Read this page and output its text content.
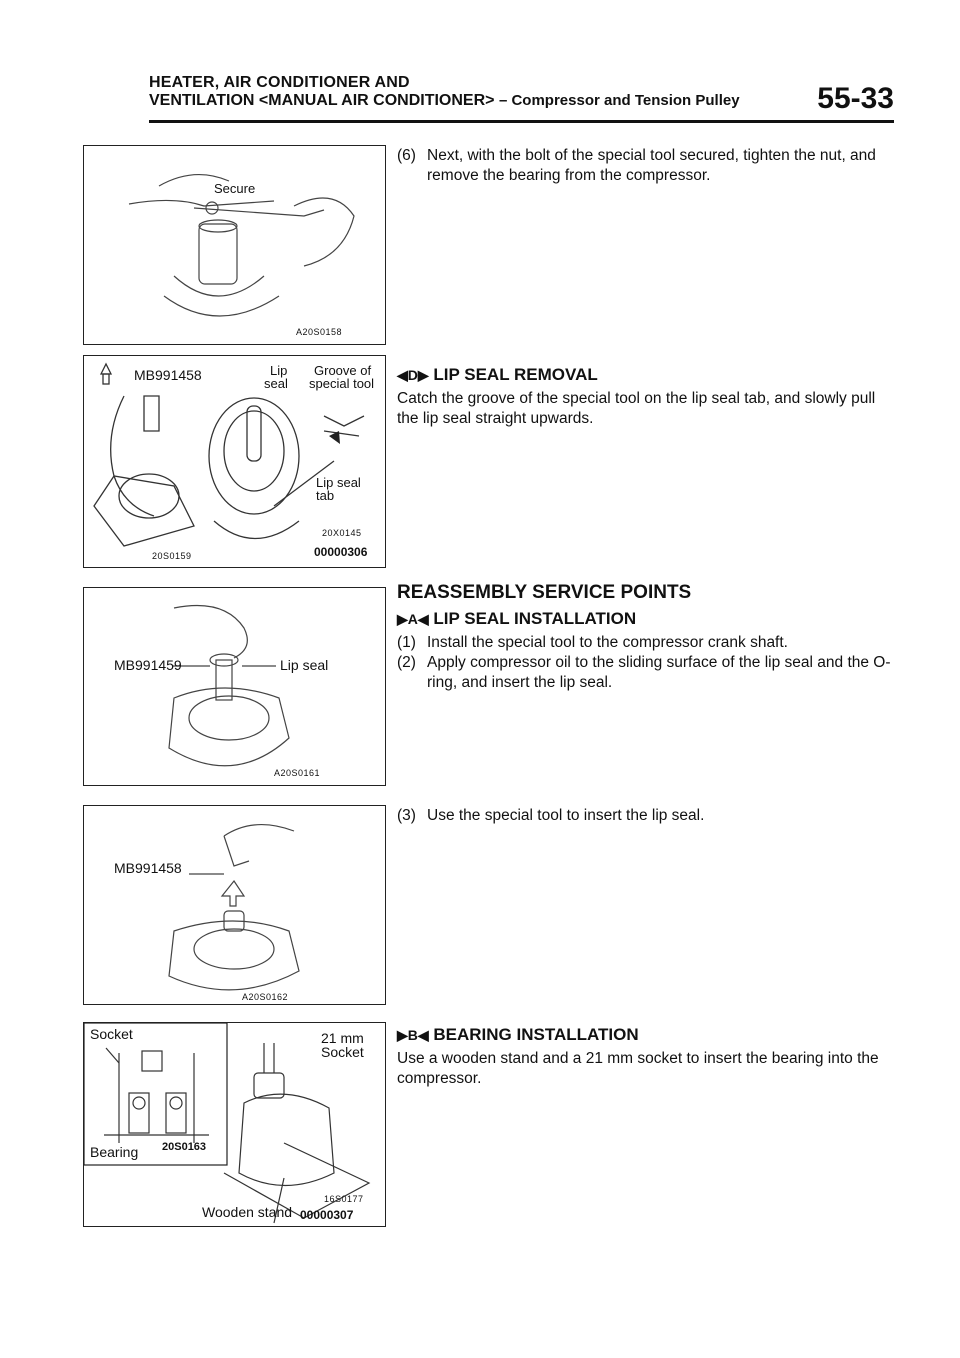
HEATER, AIR CONDITIONER AND
VENTILATION <MANUAL AIR CONDITIONER> – Compressor and Tension Pulley	55-33
Secure
A20S0158
MB991458	Lip
seal
Groove of
special tool
Lip seal
tab
20X0145
20S0159	00000306
MB991459	Lip seal
A20S0161
MB991458
A20S0162
Socket
Bearing 20S0163
21 mm
Socket
16S0177
Wooden stand 00000307
(6) Next, with the bolt of the special tool secured, tighten the nut, and remove the bearing from the compressor.
◀D▶ LIP SEAL REMOVAL
Catch the groove of the special tool on the lip seal tab, and slowly pull the lip seal straight upwards.
REASSEMBLY SERVICE POINTS
▶A◀ LIP SEAL INSTALLATION
(1) Install the special tool to the compressor crank shaft.
(2) Apply compressor oil to the sliding surface of the lip seal and the O-ring, and insert the lip seal.
(3) Use the special tool to insert the lip seal.
▶B◀ BEARING INSTALLATION
Use a wooden stand and a 21 mm socket to insert the bearing into the compressor.
